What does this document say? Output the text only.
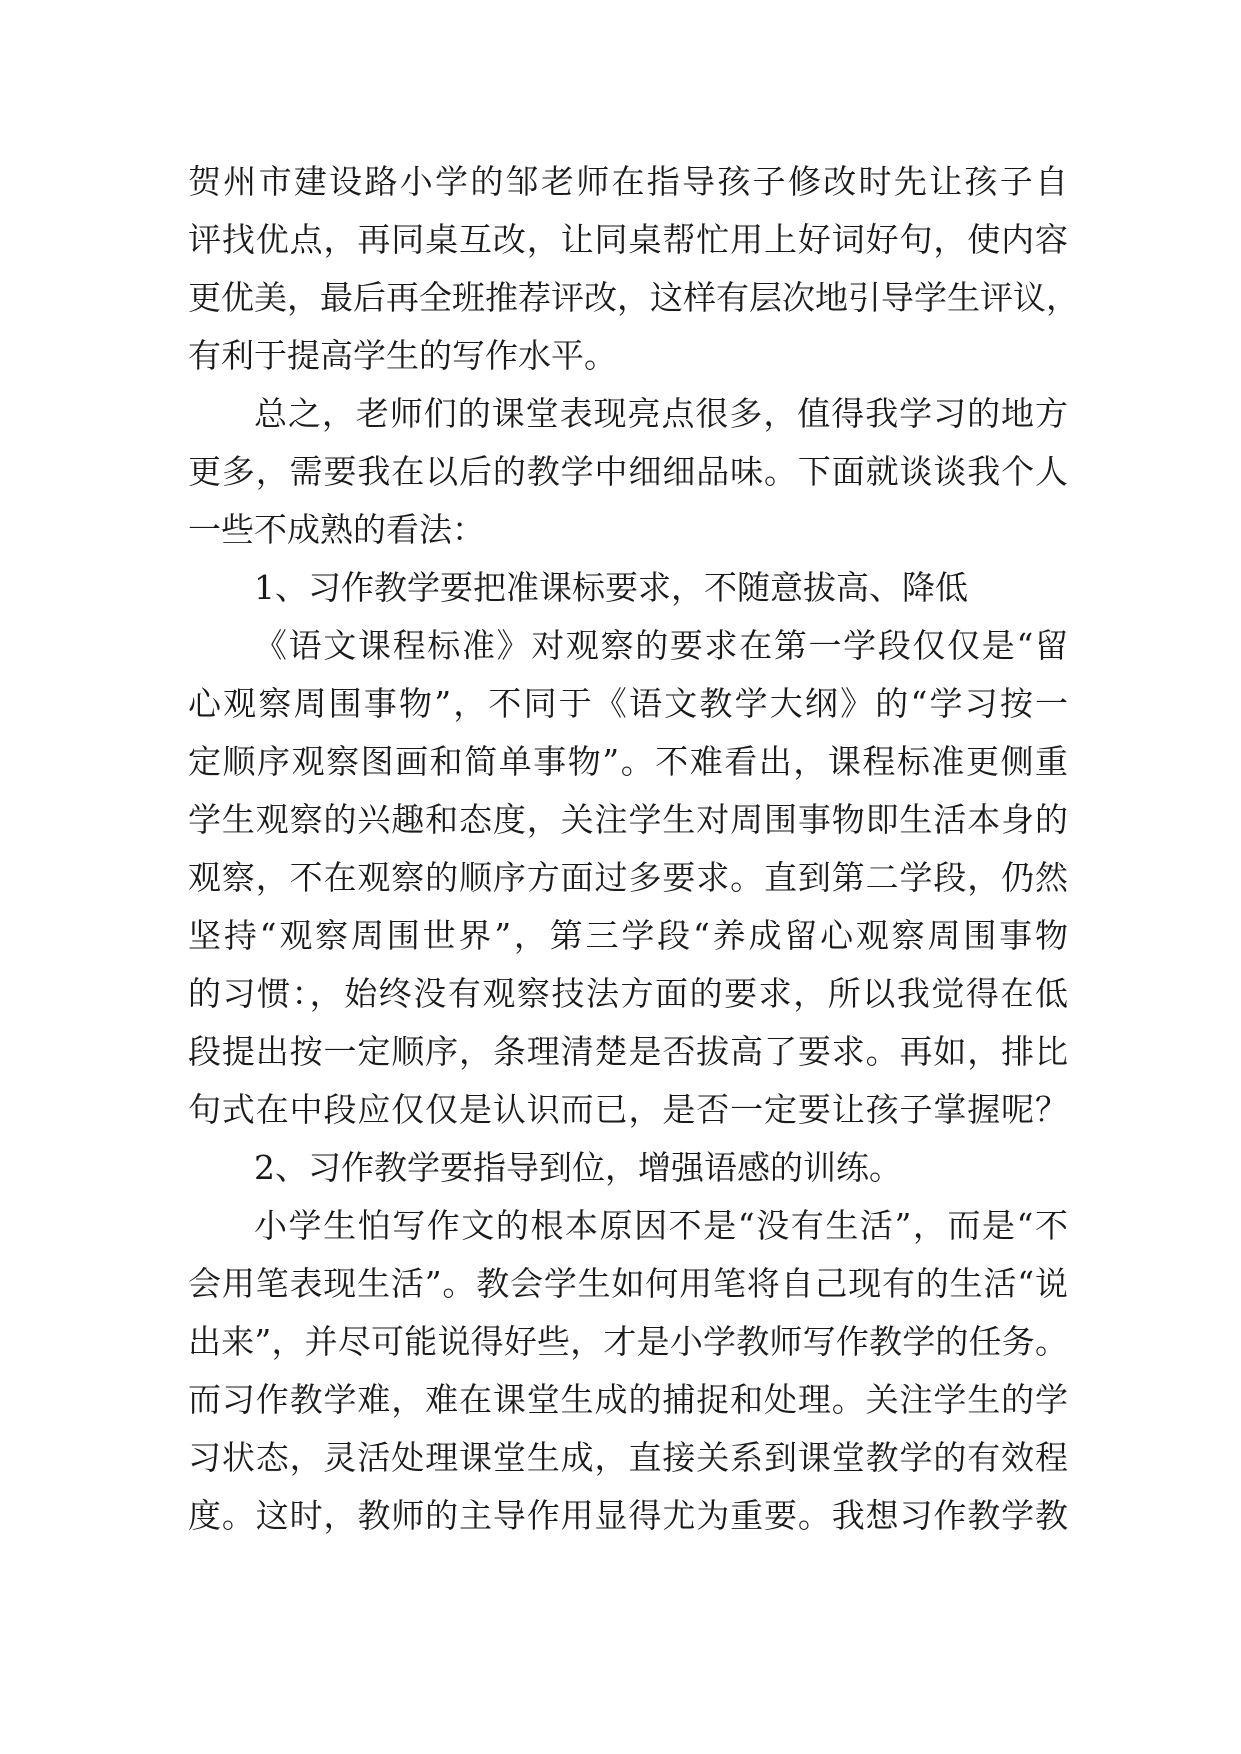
贺州市建设路小学的邹老师在指导孩子修改时先让孩子自
评找优点，再同桌互改，让同桌帮忙用上好词好句，使内容
更优美，最后再全班推荐评改，这样有层次地引导学生评议，
有利于提高学生的写作水平。
总之，老师们的课堂表现亮点很多，值得我学习的地方
更多，需要我在以后的教学中细细品味。下面就谈谈我个人
一些不成熟的看法：
1、习作教学要把准课标要求，不随意拔高、降低
《语文课程标准》对观察的要求在第一学段仅仅是“留
心观察周围事物”，不同于《语文教学大纲》的“学习按一
定顺序观察图画和简单事物”。不难看出，课程标准更侧重
学生观察的兴趣和态度，关注学生对周围事物即生活本身的
观察，不在观察的顺序方面过多要求。直到第二学段，仍然
坚持“观察周围世界”，第三学段“养成留心观察周围事物
的习惯：，始终没有观察技法方面的要求，所以我觉得在低
段提出按一定顺序，条理清楚是否拔高了要求。再如，排比
句式在中段应仅仅是认识而已，是否一定要让孩子掌握呢？
2、习作教学要指导到位，增强语感的训练。
小学生怕写作文的根本原因不是“没有生活”，而是“不
会用笔表现生活”。教会学生如何用笔将自己现有的生活“说
出来”，并尽可能说得好些，才是小学教师写作教学的任务。
而习作教学难，难在课堂生成的捕捉和处理。关注学生的学
习状态，灵活处理课堂生成，直接关系到课堂教学的有效程
度。这时，教师的主导作用显得尤为重要。我想习作教学教
